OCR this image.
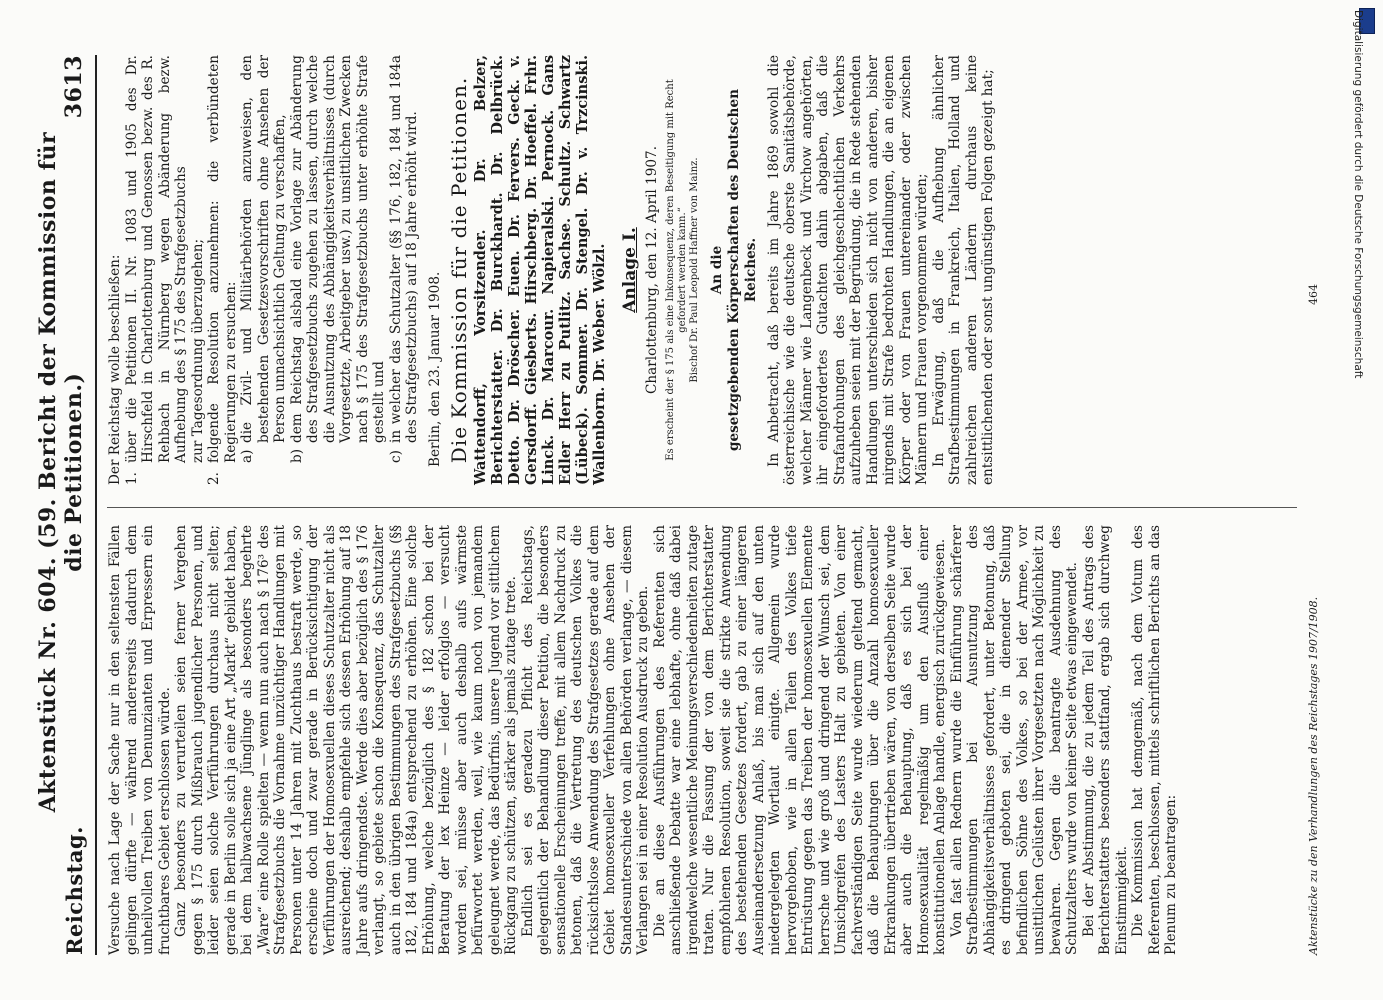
Reichstag.
Aktenstück Nr. 604. (59. Bericht der Kommission für die Petitionen.)
3613

Versuche nach Lage der Sache nur in den seltensten Fällen gelingen dürfte — während andererseits dadurch dem unheilvollen Treiben von Denunzianten und Erpressern ein fruchtbares Gebiet erschlossen würde. Ganz besonders zu verurteilen seien ferner Vergehen gegen § 175 durch Mißbrauch jugendlicher Personen, und leider seien solche Verführungen durchaus nicht selten; gerade in Berlin solle sich ja eine Art „Markt“ gebildet haben, bei dem halbwachsene Jünglinge als besonders begehrte „Ware“ eine Rolle spielten — wenn nun auch nach § 176³ des Strafgesetzbuchs die Vornahme unzüchtiger Handlungen mit Personen unter 14 Jahren mit Zuchthaus bestraft werde, so erscheine doch und zwar gerade in Berücksichtigung der Verführungen der Homosexuellen dieses Schutzalter nicht als ausreichend; deshalb empfehle sich dessen Erhöhung auf 18 Jahre aufs dringendste. Werde dies aber bezüglich des § 176 verlangt, so gebiete schon die Konsequenz, das Schutzalter auch in den übrigen Bestimmungen des Strafgesetzbuchs (§§ 182, 184 und 184a) entsprechend zu erhöhen. Eine solche Erhöhung, welche bezüglich des § 182 schon bei der Beratung der lex Heinze — leider erfolglos — versucht worden sei, müsse aber auch deshalb aufs wärmste befürwortet werden, weil, wie kaum noch von jemandem geleugnet werde, das Bedürfnis, unsere Jugend vor sittlichem Rückgang zu schützen, stärker als jemals zutage trete. Endlich sei es geradezu Pflicht des Reichstags, gelegentlich der Behandlung dieser Petition, die besonders sensationelle Erscheinungen treffe, mit allem Nachdruck zu betonen, daß die Vertretung des deutschen Volkes die rücksichtslose Anwendung des Strafgesetzes gerade auf dem Gebiet homosexueller Verfehlungen ohne Ansehen der Standesunterschiede von allen Behörden verlange, — diesem Verlangen sei in einer Resolution Ausdruck zu geben. Die an diese Ausführungen des Referenten sich anschließende Debatte war eine lebhafte, ohne daß dabei irgendwelche wesentliche Meinungsverschiedenheiten zutage traten. Nur die Fassung der von dem Berichterstatter empfohlenen Resolution, soweit sie die strikte Anwendung des bestehenden Gesetzes fordert, gab zu einer längeren Auseinandersetzung Anlaß, bis man sich auf den unten niedergelegten Wortlaut einigte. Allgemein wurde hervorgehoben, wie in allen Teilen des Volkes tiefe Entrüstung gegen das Treiben der homosexuellen Elemente herrsche und wie groß und dringend der Wunsch sei, dem Umsichgreifen des Lasters Halt zu gebieten. Von einer fachverständigen Seite wurde wiederum geltend gemacht, daß die Behauptungen über die Anzahl homosexueller Erkrankungen übertrieben wären, von derselben Seite wurde aber auch die Behauptung, daß es sich bei der Homosexualität regelmäßig um den Ausfluß einer konstitutionellen Anlage handle, energisch zurückgewiesen. Von fast allen Rednern wurde die Einführung schärferer Strafbestimmungen bei Ausnutzung des Abhängigkeitsverhältnisses gefordert, unter Betonung, daß es dringend geboten sei, die in dienender Stellung befindlichen Söhne des Volkes, so bei der Armee, vor unsittlichen Gelüsten ihrer Vorgesetzten nach Möglichkeit zu bewahren. Gegen die beantragte Ausdehnung des Schutzalters wurde von keiner Seite etwas eingewendet. Bei der Abstimmung, die zu jedem Teil des Antrags des Berichterstatters besonders stattfand, ergab sich durchweg Einstimmigkeit. Die Kommission hat demgemäß, nach dem Votum des Referenten, beschlossen, mittels schriftlichen Berichts an das Plenum zu beantragen:

Der Reichstag wolle beschließen: 1.
über die Petitionen II. Nr. 1083 und 1905 des Dr. Hirschfeld in Charlottenburg und Genossen bezw. des R. Rehbach in Nürnberg wegen Abänderung bezw. Aufhebung des § 175 des Strafgesetzbuchs
zur Tagesordnung überzugehen;
2.
folgende Resolution anzunehmen: die verbündeten Regierungen zu ersuchen: a)
die Zivil- und Militärbehörden anzuweisen, den bestehenden Gesetzesvorschriften ohne Ansehen der Person unnachsichtlich Geltung zu verschaffen,
b)
dem Reichstag alsbald eine Vorlage zur Abänderung des Strafgesetzbuchs zugehen zu lassen, durch welche die Ausnutzung des Abhängigkeitsverhältnisses (durch Vorgesetzte, Arbeitgeber usw.) zu unsittlichen Zwecken nach § 175 des Strafgesetzbuchs unter erhöhte Strafe gestellt und
c)
in welcher das Schutzalter (§§ 176, 182, 184 und 184a des Strafgesetzbuchs) auf 18 Jahre erhöht wird. Berlin, den 23. Januar 1908. Die Kommission für die Petitionen. Wattendorff, Vorsitzender. Dr. Belzer, Berichterstatter. Dr. Burckhardt. Dr. Delbrück. Detto. Dr. Dröscher. Euen. Dr. Fervers. Geck. v. Gersdorff. Giesberts. Hirschberg. Dr. Hoeffel. Frhr. Linck. Dr. Marcour. Napieralski. Pernock. Gans Edler Herr zu Putlitz. Sachse. Schultz. Schwartz (Lübeck). Sommer. Dr. Stengel. Dr. v. Trzcinski. Wallenborn. Dr. Weber. Wölzl. Anlage I. Charlottenburg, den 12. April 1907. Es erscheint der § 175 als eine Inkonsequenz, deren Beseitigung mit Recht gefordert werden kann.“ Bischof Dr. Paul Leopold Haffner von Mainz. An die gesetzgebenden Körperschaften des Deutschen Reiches. In Anbetracht, daß bereits im Jahre 1869 sowohl die österreichische wie die deutsche oberste Sanitätsbehörde, welcher Männer wie Langenbeck und Virchow angehörten, ihr eingefordertes Gutachten dahin abgaben, daß die Strafandrohungen des gleichgeschlechtlichen Verkehrs aufzuheben seien mit der Begründung, die in Rede stehenden Handlungen unterschieden sich nicht von anderen, bisher nirgends mit Strafe bedrohten Handlungen, die an eigenen Körper oder von Frauen untereinander oder zwischen Männern und Frauen vorgenommen würden; In Erwägung, daß die Aufhebung ähnlicher Strafbestimmungen in Frankreich, Italien, Holland und zahlreichen anderen Ländern durchaus keine entsittlichenden oder sonst ungünstigen Folgen gezeigt hat;

Aktenstücke zu den Verhandlungen des Reichstages 1907/1908.
464	Digitalisierung gefördert durch die Deutsche Forschungsgemeinschaft
